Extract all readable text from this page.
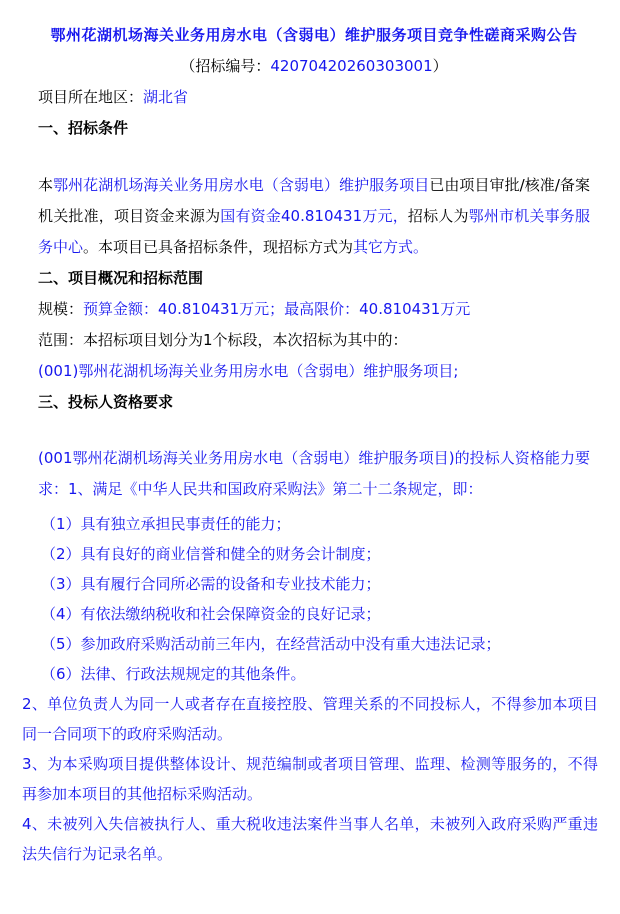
鄂州花湖机场海关业务用房水电（含弱电）维护服务项目竞争性磋商采购公告
（招标编号：42070420260303001）
项目所在地区：湖北省
一、招标条件

本鄂州花湖机场海关业务用房水电（含弱电）维护服务项目已由项目审批/核准/备案机关批准，项目资金来源为国有资金40.810431万元，招标人为鄂州市机关事务服务中心。本项目已具备招标条件，现招标方式为其它方式。

二、项目概况和招标范围
规模：预算金额：40.810431万元；最高限价：40.810431万元
范围：本招标项目划分为1个标段，本次招标为其中的：
(001)鄂州花湖机场海关业务用房水电（含弱电）维护服务项目;
三、投标人资格要求

(001鄂州花湖机场海关业务用房水电（含弱电）维护服务项目)的投标人资格能力要求：1、满足《中华人民共和国政府采购法》第二十二条规定，即：

（1）具有独立承担民事责任的能力；

（2）具有良好的商业信誉和健全的财务会计制度；

（3）具有履行合同所必需的设备和专业技术能力；

（4）有依法缴纳税收和社会保障资金的良好记录；

（5）参加政府采购活动前三年内，在经营活动中没有重大违法记录；

（6）法律、行政法规规定的其他条件。

2、单位负责人为同一人或者存在直接控股、管理关系的不同投标人，不得参加本项目同一合同项下的政府采购活动。

3、为本采购项目提供整体设计、规范编制或者项目管理、监理、检测等服务的，不得再参加本项目的其他招标采购活动。

4、未被列入失信被执行人、重大税收违法案件当事人名单，未被列入政府采购严重违法失信行为记录名单。
